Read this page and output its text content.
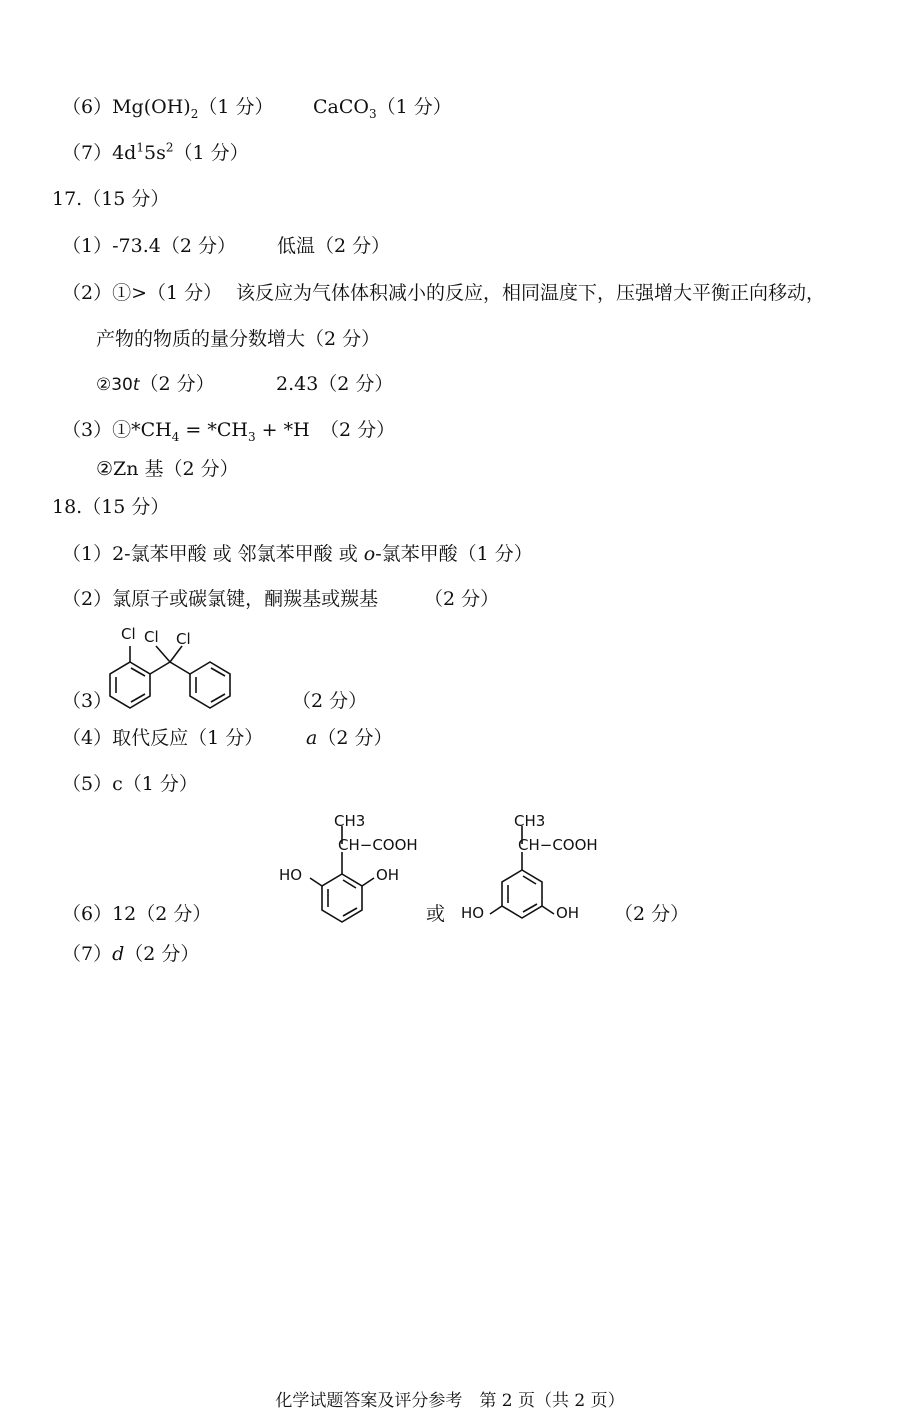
$(6)Mg(OH)_2(1$ 分） CaCO$_3$（1 分）
$(7)4d^15s^2(1$ 分）
17.（15 分）
（1）-73.4（2 分） 低温（2 分）
（2）①>（1 分） 该反应为气体体积减小的反应，相同温度下，压强增大平衡正向移动，
产物的物质的量分数增大（2 分）
②30t（2 分）	2.43（2 分）
$(3)①*CH_4 = *CH_3 + *H$ （2 分）
②Zn 基（2 分）
18.（15 分）
（1）2-氯苯甲酸 或 邻氯苯甲酸 或 o-氯苯甲酸（1 分）
（2）氯原子或碳氯键，酮羰基或羰基 （2 分）
Cl Cl Cl
（3）	（2 分）
（4）取代反应（1 分） a（2 分）
（5）c（1 分）
CH3
CH−COOH
HO	OH
CH3
CH−COOH
HO	OH
（6）12（2 分）	或	（2 分）
（7）d（2 分）
化学试题答案及评分参考　第 2 页（共 2 页）
